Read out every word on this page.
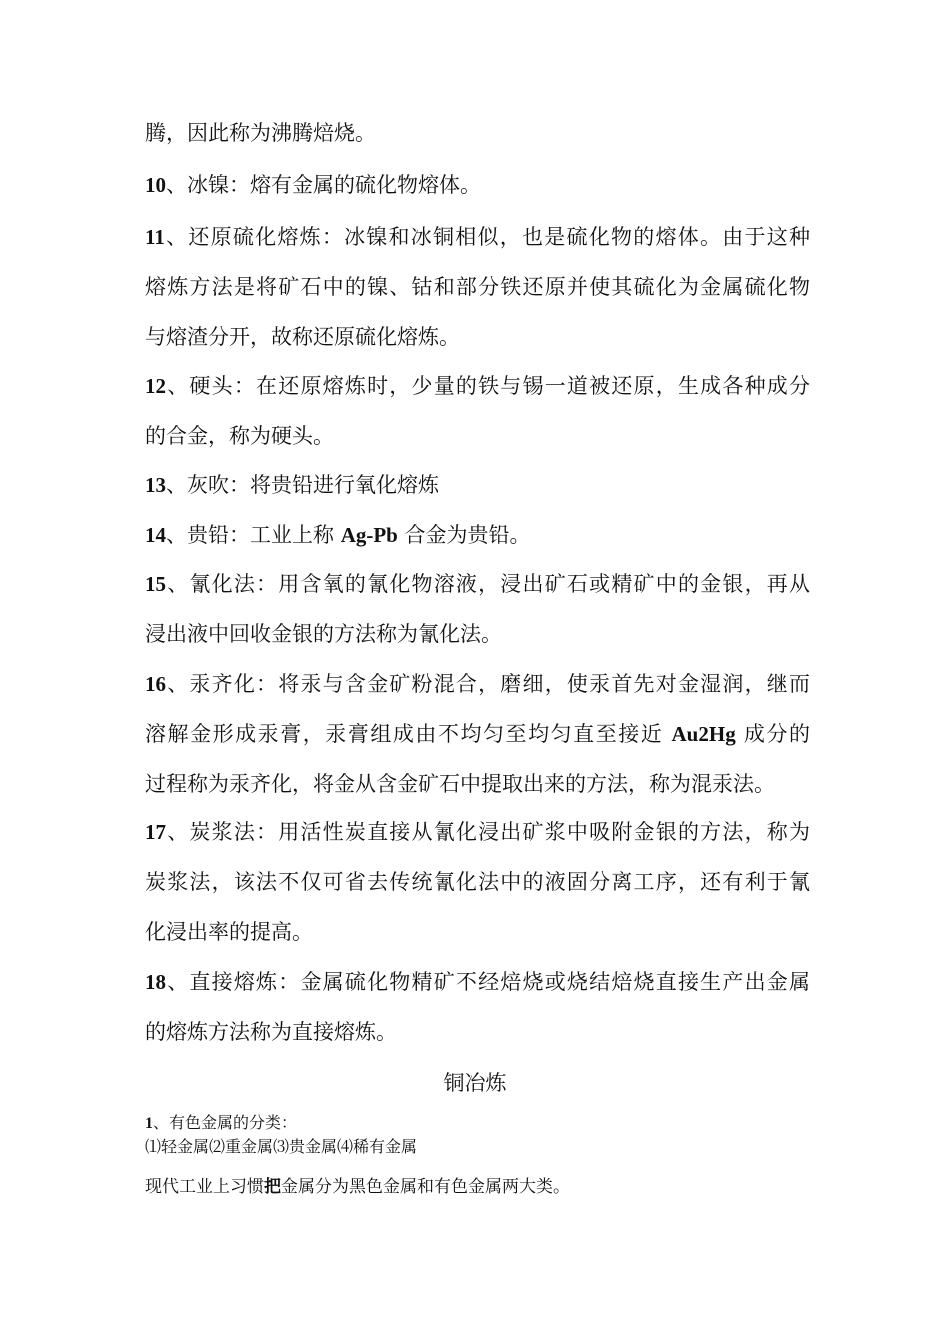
腾，因此称为沸腾焙烧。
10、冰镍：熔有金属的硫化物熔体。
11、还原硫化熔炼：冰镍和冰铜相似，也是硫化物的熔体。由于这种
熔炼方法是将矿石中的镍、钴和部分铁还原并使其硫化为金属硫化物
与熔渣分开，故称还原硫化熔炼。
12、硬头：在还原熔炼时，少量的铁与锡一道被还原，生成各种成分
的合金，称为硬头。
13、灰吹：将贵铅进行氧化熔炼
14、贵铅：工业上称 Ag-Pb 合金为贵铅。
15、氰化法：用含氧的氰化物溶液，浸出矿石或精矿中的金银，再从
浸出液中回收金银的方法称为氰化法。
16、汞齐化：将汞与含金矿粉混合，磨细，使汞首先对金湿润，继而
溶解金形成汞膏，汞膏组成由不均匀至均匀直至接近 Au2Hg 成分的
过程称为汞齐化，将金从含金矿石中提取出来的方法，称为混汞法。
17、炭浆法：用活性炭直接从氰化浸出矿浆中吸附金银的方法，称为
炭浆法，该法不仅可省去传统氰化法中的液固分离工序，还有利于氰
化浸出率的提高。
18、直接熔炼：金属硫化物精矿不经焙烧或烧结焙烧直接生产出金属
的熔炼方法称为直接熔炼。
铜冶炼
1、有色金属的分类：
⑴轻金属⑵重金属⑶贵金属⑷稀有金属
现代工业上习惯把金属分为黑色金属和有色金属两大类。
